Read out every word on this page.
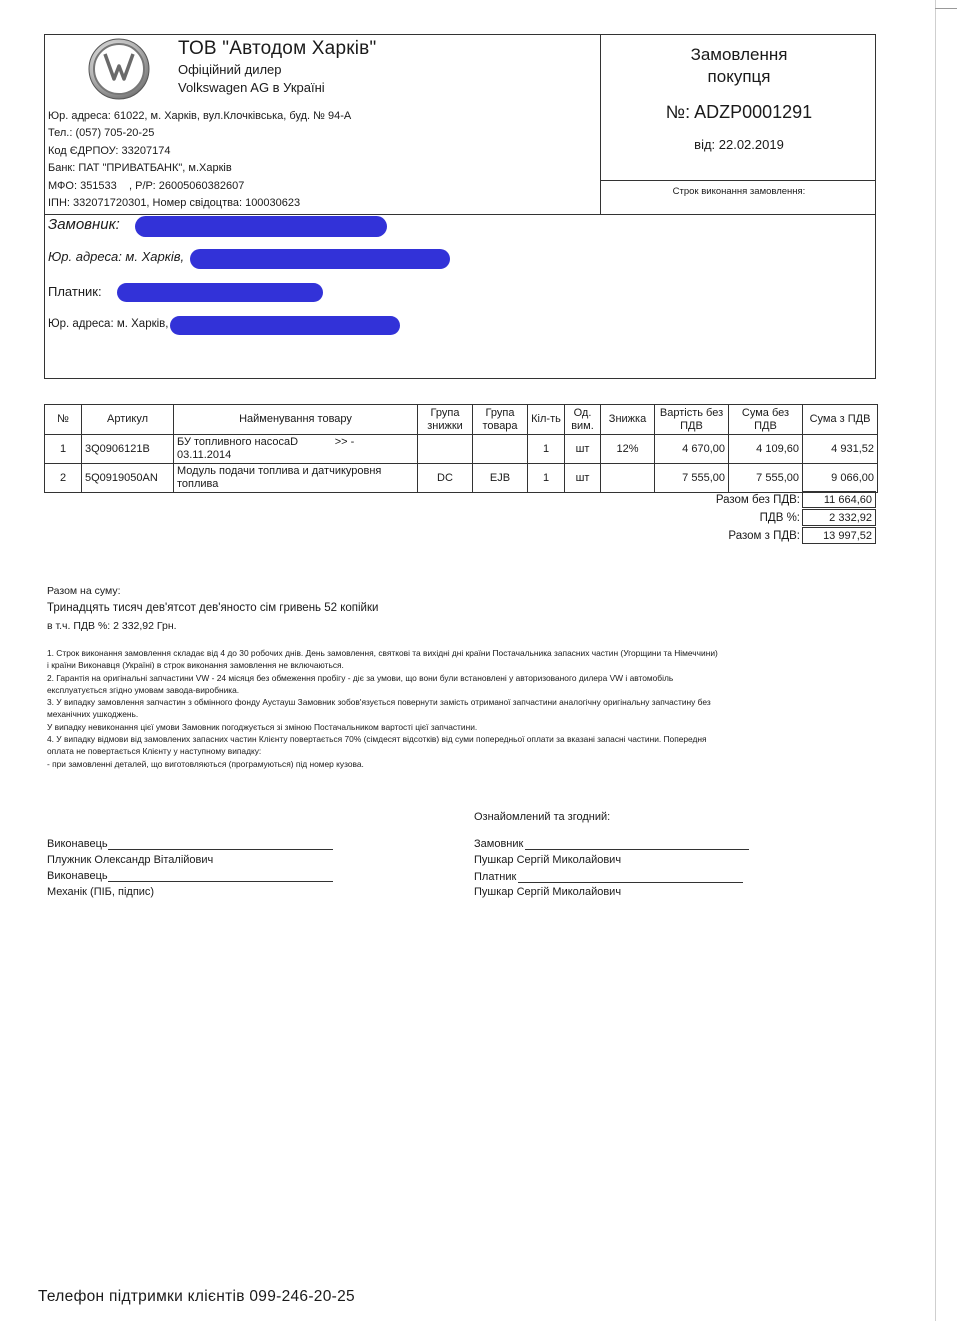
ТОВ "Автодом Харків"
Офіційний дилер
Volkswagen AG в Україні
Юр. адреса: 61022, м. Харків, вул.Клочківська, буд. № 94-А
Тел.: (057) 705-20-25
Код ЄДРПОУ: 33207174
Банк: ПАТ "ПРИВАТБАНК", м.Харків
МФО: 351533    , Р/Р: 26005060382607
ІПН: 332071720301, Номер свідоцтва: 100030623
Замовлення
покупця
№: ADZP0001291
від: 22.02.2019
Строк виконання замовлення:
Замовник:
Юр. адреса: м. Харків,
Платник:
Юр. адреса: м. Харків,
№	Артикул	Найменування товару	Група знижки	Група товара	Кіл-ть	Од. вим.	Знижка	Вартість без ПДВ	Сума без ПДВ	Сума з ПДВ
1	3Q0906121B	БУ топливного насосаD            >> -
03.11.2014			1	шт	12%	4 670,00	4 109,60	4 931,52
2	5Q0919050AN	Модуль подачи топлива и датчикуровня
топлива	DC	EJB	1	шт		7 555,00	7 555,00	9 066,00
Разом без ПДВ:	11 664,60
ПДВ %:	2 332,92
Разом з ПДВ:	13 997,52
Разом на суму:
Тринадцять тисяч дев'ятсот дев'яносто сім гривень 52 копійки
в т.ч. ПДВ %: 2 332,92 Грн.
1. Строк виконання замовлення складає від 4 до 30 робочих днів. День замовлення, святкові та вихідні дні країни Постачальника запасних частин (Угорщини та Німеччини)
і країни Виконавця (Україні) в строк виконання замовлення не включаються.
2. Гарантія на оригінальні запчастини VW - 24 місяця без обмеження пробігу - діє за умови, що вони були встановлені у авторизованого дилера VW і автомобіль
експлуатується згідно умовам завода-виробника.
3. У випадку замовлення запчастин з обмінного фонду Аустауш Замовник зобов'язується повернути замість отриманої запчастини аналогічну оригінальну запчастину без
механічних ушкоджень.
У випадку невиконання цієї умови Замовник погоджується зі зміною Постачальником вартості цієї запчастини.
4. У випадку відмови від замовлених запасних частин Клієнту повертається 70% (сімдесят відсотків) від суми попередньої оплати за вказані запасні частини. Попередня
оплата не повертається Клієнту у наступному випадку:
- при замовленні деталей, що виготовляються (програмуються) під номер кузова.
Ознайомлений та згодний:
Виконавець
Плужник Олександр Віталійович
Виконавець
Механік (ПІБ, підпис)
Замовник
Пушкар Сергій Миколайович
Платник
Пушкар Сергій Миколайович
Телефон підтримки клієнтів 099-246-20-25
